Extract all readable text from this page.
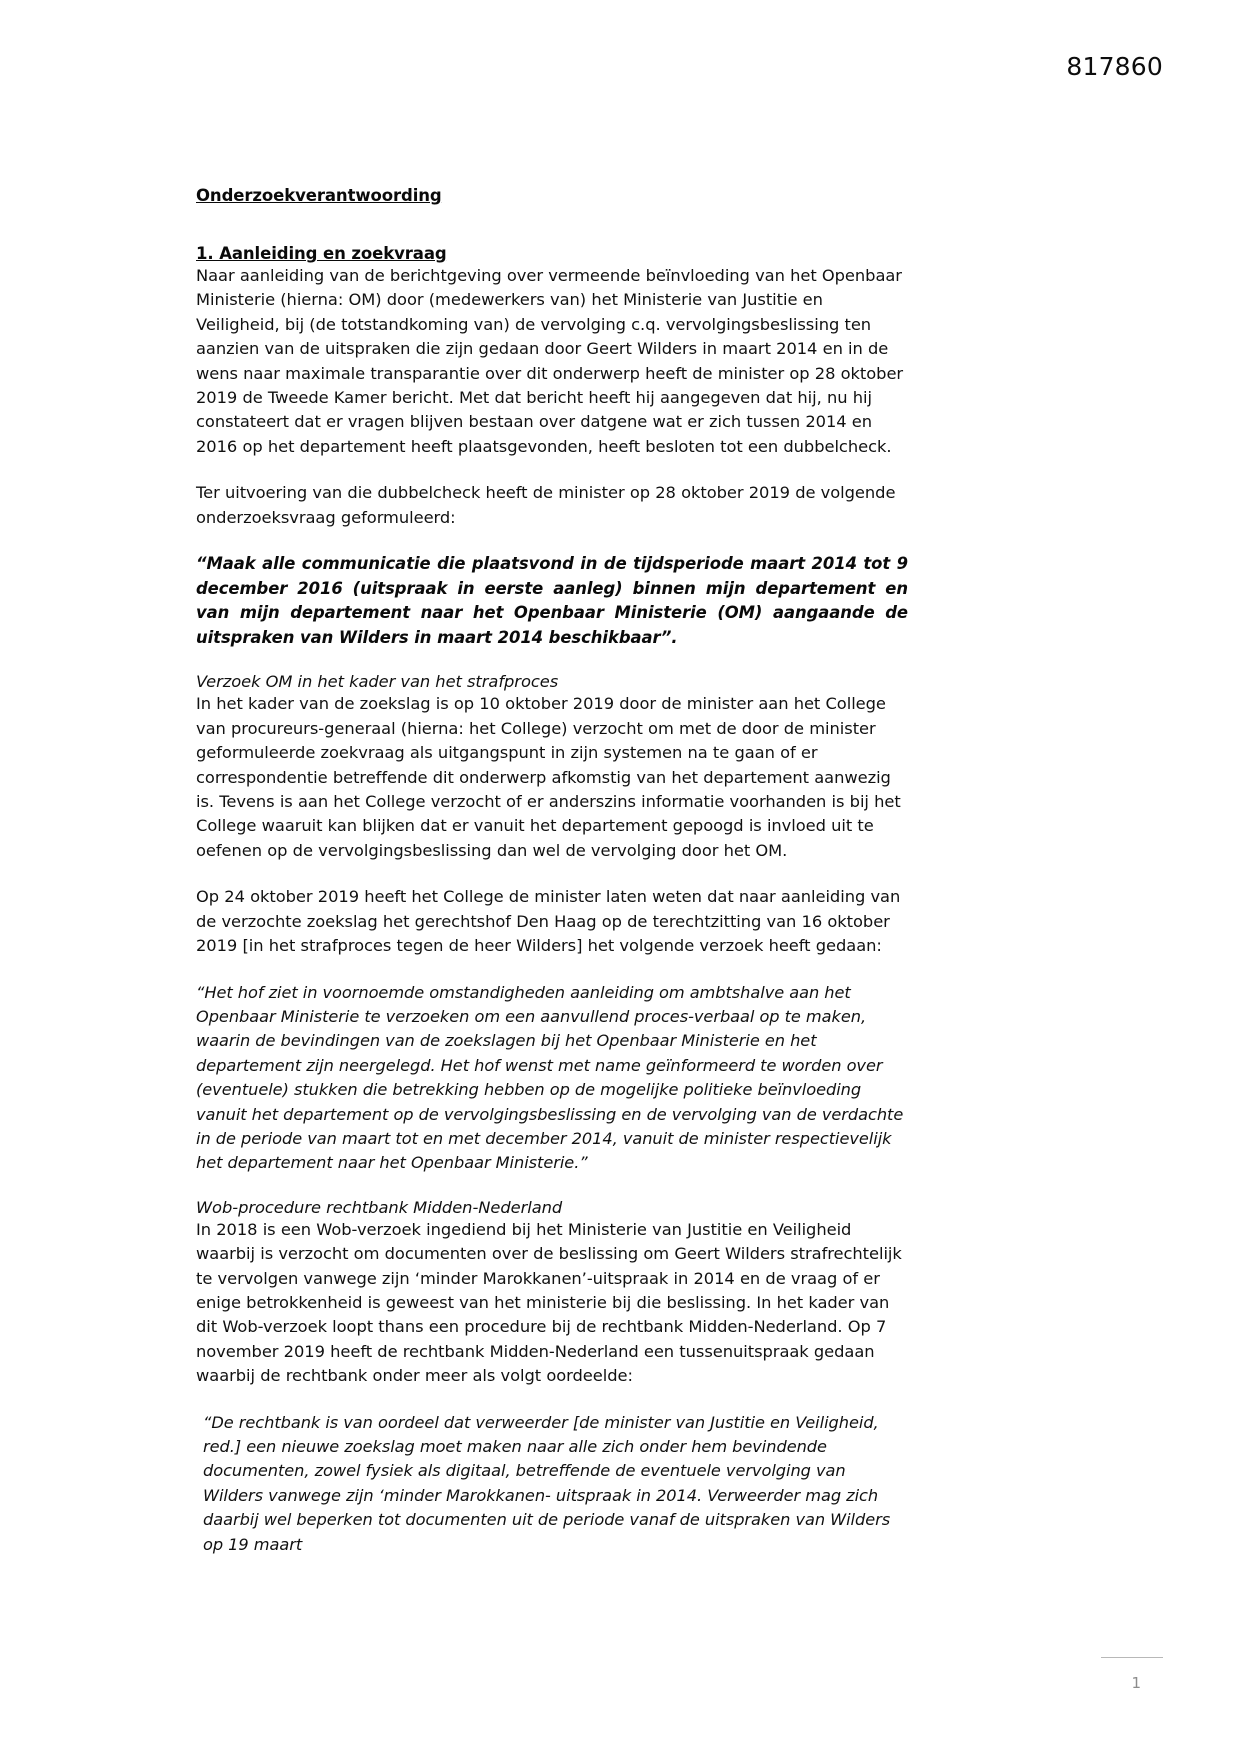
817860
Onderzoekverantwoording
1. Aanleiding en zoekvraag

Naar aanleiding van de berichtgeving over vermeende beïnvloeding van het Openbaar Ministerie (hierna: OM) door (medewerkers van) het Ministerie van Justitie en Veiligheid, bij (de totstandkoming van) de vervolging c.q. vervolgingsbeslissing ten aanzien van de uitspraken die zijn gedaan door Geert Wilders in maart 2014 en in de wens naar maximale transparantie over dit onderwerp heeft de minister op 28 oktober 2019 de Tweede Kamer bericht. Met dat bericht heeft hij aangegeven dat hij, nu hij constateert dat er vragen blijven bestaan over datgene wat er zich tussen 2014 en 2016 op het departement heeft plaatsgevonden, heeft besloten tot een dubbelcheck.

Ter uitvoering van die dubbelcheck heeft de minister op 28 oktober 2019 de volgende onderzoeksvraag geformuleerd:

“Maak alle communicatie die plaatsvond in de tijdsperiode maart 2014 tot 9 december 2016 (uitspraak in eerste aanleg) binnen mijn departement en van mijn departement naar het Openbaar Ministerie (OM) aangaande de uitspraken van Wilders in maart 2014 beschikbaar”.
Verzoek OM in het kader van het strafproces

In het kader van de zoekslag is op 10 oktober 2019 door de minister aan het College van procureurs-generaal (hierna: het College) verzocht om met de door de minister geformuleerde zoekvraag als uitgangspunt in zijn systemen na te gaan of er correspondentie betreffende dit onderwerp afkomstig van het departement aanwezig is. Tevens is aan het College verzocht of er anderszins informatie voorhanden is bij het College waaruit kan blijken dat er vanuit het departement gepoogd is invloed uit te oefenen op de vervolgingsbeslissing dan wel de vervolging door het OM.

Op 24 oktober 2019 heeft het College de minister laten weten dat naar aanleiding van de verzochte zoekslag het gerechtshof Den Haag op de terechtzitting van 16 oktober 2019 [in het strafproces tegen de heer Wilders] het volgende verzoek heeft gedaan:

“Het hof ziet in voornoemde omstandigheden aanleiding om ambtshalve aan het Openbaar Ministerie te verzoeken om een aanvullend proces-verbaal op te maken, waarin de bevindingen van de zoekslagen bij het Openbaar Ministerie en het departement zijn neergelegd. Het hof wenst met name geïnformeerd te worden over (eventuele) stukken die betrekking hebben op de mogelijke politieke beïnvloeding vanuit het departement op de vervolgingsbeslissing en de vervolging van de verdachte in de periode van maart tot en met december 2014, vanuit de minister respectievelijk het departement naar het Openbaar Ministerie.”
Wob-procedure rechtbank Midden-Nederland

In 2018 is een Wob-verzoek ingediend bij het Ministerie van Justitie en Veiligheid waarbij is verzocht om documenten over de beslissing om Geert Wilders strafrechtelijk te vervolgen vanwege zijn ‘minder Marokkanen’-uitspraak in 2014 en de vraag of er enige betrokkenheid is geweest van het ministerie bij die beslissing. In het kader van dit Wob-verzoek loopt thans een procedure bij de rechtbank Midden-Nederland. Op 7 november 2019 heeft de rechtbank Midden-Nederland een tussenuitspraak gedaan waarbij de rechtbank onder meer als volgt oordeelde:

“De rechtbank is van oordeel dat verweerder [de minister van Justitie en Veiligheid, red.] een nieuwe zoekslag moet maken naar alle zich onder hem bevindende documenten, zowel fysiek als digitaal, betreffende de eventuele vervolging van Wilders vanwege zijn ‘minder Marokkanen- uitspraak in 2014. Verweerder mag zich daarbij wel beperken tot documenten uit de periode vanaf de uitspraken van Wilders op 19 maart
1
